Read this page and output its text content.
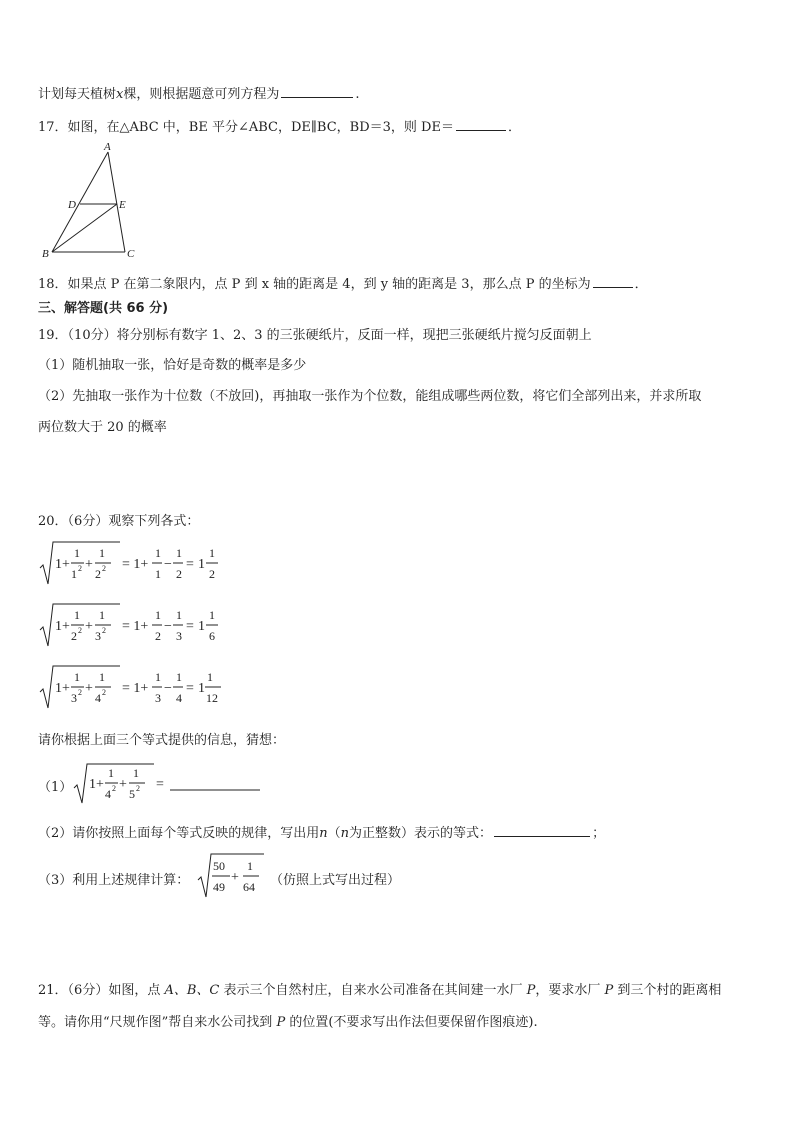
计划每天植树x棵，则根据题意可列方程为	.
17．如图，在△ABC 中，BE 平分∠ABC，DE∥BC，BD＝3，则 DE＝	．
A
D	E
B	C
18．如果点 P 在第二象限内，点 P 到 x 轴的距离是 4，到 y 轴的距离是 3，那么点 P 的坐标为	．
三、解答题(共 66 分)
19．（10分）将分别标有数字 1、2、3 的三张硬纸片，反面一样，现把三张硬纸片搅匀反面朝上
（1）随机抽取一张，恰好是奇数的概率是多少
（2）先抽取一张作为十位数（不放回)，再抽取一张作为个位数，能组成哪些两位数，将它们全部列出来，并求所取
两位数大于 20 的概率
20．（6分）观察下列各式：
1+
1
1 2 +
1
2 2 = 1+
1
1
−
1
2
= 1
1
2
1+
1
2 2 +
1
3 2 = 1+
1
2
−
1
3
= 1
1
6
1+
1
3 2 +
1
4 2 = 1+
1
3
−
1
4
= 1
1
12
请你根据上面三个等式提供的信息，猜想：
（1） 1+
1
4 2 +
1
5 2 =
（2）请你按照上面每个等式反映的规律，写出用n（n为正整数）表示的等式：	；
（3）利用上述规律计算：
50
49
+
1
64 （仿照上式写出过程）
21．（6分）如图，点 A、B、C 表示三个自然村庄，自来水公司准备在其间建一水厂 P，要求水厂 P 到三个村的距离相
等。请你用“尺规作图”帮自来水公司找到 P 的位置(不要求写出作法但要保留作图痕迹).
